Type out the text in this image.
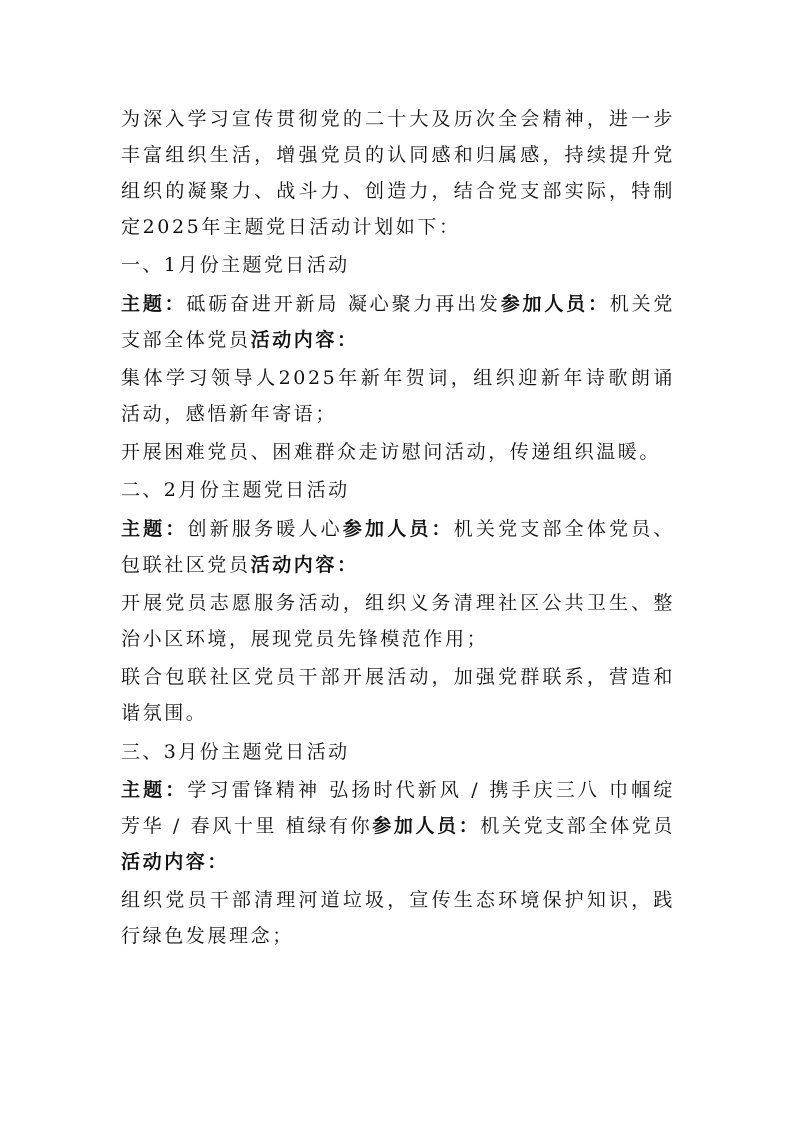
为深入学习宣传贯彻党的二十大及历次全会精神，进一步丰富组织生活，增强党员的认同感和归属感，持续提升党组织的凝聚力、战斗力、创造力，结合党支部实际，特制定2025年主题党日活动计划如下：

一、1月份主题党日活动

主题：砥砺奋进开新局 凝心聚力再出发参加人员：机关党支部全体党员活动内容：

集体学习领导人2025年新年贺词，组织迎新年诗歌朗诵活动，感悟新年寄语；

开展困难党员、困难群众走访慰问活动，传递组织温暖。

二、2月份主题党日活动

主题：创新服务暖人心参加人员：机关党支部全体党员、包联社区党员活动内容：

开展党员志愿服务活动，组织义务清理社区公共卫生、整治小区环境，展现党员先锋模范作用；

联合包联社区党员干部开展活动，加强党群联系，营造和谐氛围。

三、3月份主题党日活动

主题：学习雷锋精神 弘扬时代新风 / 携手庆三八 巾帼绽芳华 / 春风十里 植绿有你参加人员：机关党支部全体党员活动内容：

组织党员干部清理河道垃圾，宣传生态环境保护知识，践行绿色发展理念；
